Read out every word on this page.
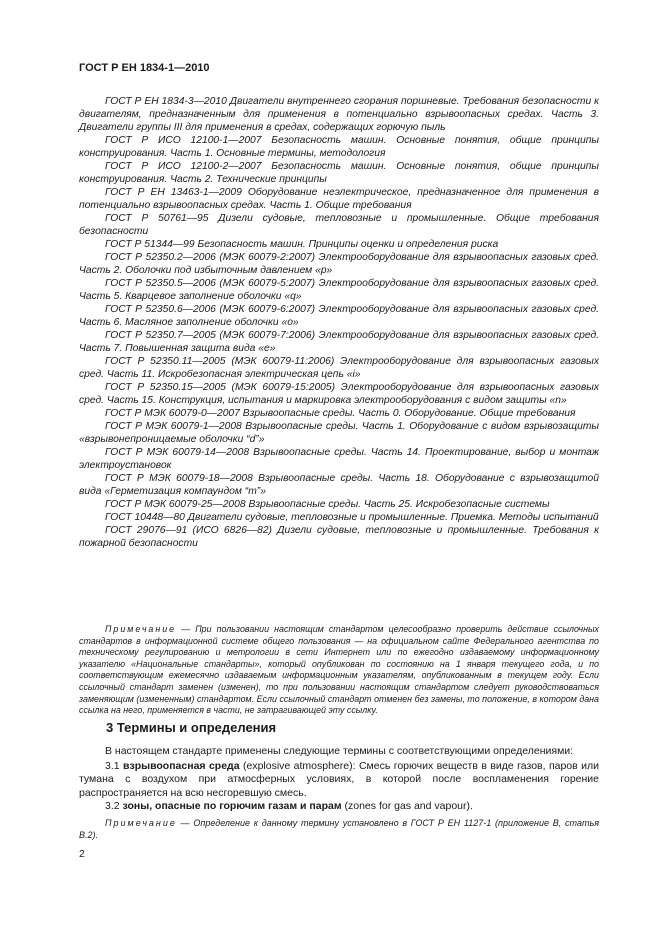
ГОСТ Р ЕН 1834-1—2010

ГОСТ Р ЕН 1834-3—2010 Двигатели внутреннего сгорания поршневые. Требования безопасности к двигателям, предназначенным для применения в потенциально взрывоопасных средах. Часть 3. Двигатели группы III для применения в средах, содержащих горючую пыль

ГОСТ Р ИСО 12100-1—2007 Безопасность машин. Основные понятия, общие принципы конструирования. Часть 1. Основные термины, методология

ГОСТ Р ИСО 12100-2—2007 Безопасность машин. Основные понятия, общие принципы конструирования. Часть 2. Технические принципы

ГОСТ Р ЕН 13463-1—2009 Оборудование неэлектрическое, предназначенное для применения в потенциально взрывоопасных средах. Часть 1. Общие требования

ГОСТ Р 50761—95 Дизели судовые, тепловозные и промышленные. Общие требования безопасности

ГОСТ Р 51344—99 Безопасность машин. Принципы оценки и определения риска

ГОСТ Р 52350.2—2006 (МЭК 60079-2:2007) Электрооборудование для взрывоопасных газовых сред. Часть 2. Оболочки под избыточным давлением «р»

ГОСТ Р 52350.5—2006 (МЭК 60079-5:2007) Электрооборудование для взрывоопасных газовых сред. Часть 5. Кварцевое заполнение оболочки «q»

ГОСТ Р 52350.6—2006 (МЭК 60079-6:2007) Электрооборудование для взрывоопасных газовых сред. Часть 6. Масляное заполнение оболочки «о»

ГОСТ Р 52350.7—2005 (МЭК 60079-7:2006) Электрооборудование для взрывоопасных газовых сред. Часть 7. Повышенная защита вида «е»

ГОСТ Р 52350.11—2005 (МЭК 60079-11:2006) Электрооборудование для взрывоопасных газовых сред. Часть 11. Искробезопасная электрическая цепь «i»

ГОСТ Р 52350.15—2005 (МЭК 60079-15:2005) Электрооборудование для взрывоопасных газовых сред. Часть 15. Конструкция, испытания и маркировка электрооборудования с видом защиты «n»

ГОСТ Р МЭК 60079-0—2007 Взрывоопасные среды. Часть 0. Оборудование. Общие требования

ГОСТ Р МЭК 60079-1—2008 Взрывоопасные среды. Часть 1. Оборудование с видом взрывозащиты «взрывонепроницаемые оболочки “d”»

ГОСТ Р МЭК 60079-14—2008 Взрывоопасные среды. Часть 14. Проектирование, выбор и монтаж электроустановок

ГОСТ Р МЭК 60079-18—2008 Взрывоопасные среды. Часть 18. Оборудование с взрывозащитой вида «Герметизация компаундом “m”»

ГОСТ Р МЭК 60079-25—2008 Взрывоопасные среды. Часть 25. Искробезопасные системы

ГОСТ 10448—80 Двигатели судовые, тепловозные и промышленные. Приемка. Методы испытаний

ГОСТ 29076—91 (ИСО 6826—82) Дизели судовые, тепловозные и промышленные. Требования к пожарной безопасности

Примечание — При пользовании настоящим стандартом целесообразно проверить действие ссылочных стандартов в информационной системе общего пользования — на официальном сайте Федерального агентства по техническому регулированию и метрологии в сети Интернет или по ежегодно издаваемому информационному указателю «Национальные стандарты», который опубликован по состоянию на 1 января текущего года, и по соответствующим ежемесячно издаваемым информационным указателям, опубликованным в текущем году. Если ссылочный стандарт заменен (изменен), то при пользовании настоящим стандартом следует руководствоваться заменяющим (измененным) стандартом. Если ссылочный стандарт отменен без замены, то положение, в котором дана ссылка на него, применяется в части, не затрагивающей эту ссылку.

3 Термины и определения

В настоящем стандарте применены следующие термины с соответствующими определениями:

3.1 взрывоопасная среда (explosive atmosphere): Смесь горючих веществ в виде газов, паров или тумана с воздухом при атмосферных условиях, в которой после воспламенения горение распространяется на всю несгоревшую смесь.

3.2 зоны, опасные по горючим газам и парам (zones for gas and vapour).

Примечание — Определение к данному термину установлено в ГОСТ Р ЕН 1127-1 (приложение В, статья В.2).

2
